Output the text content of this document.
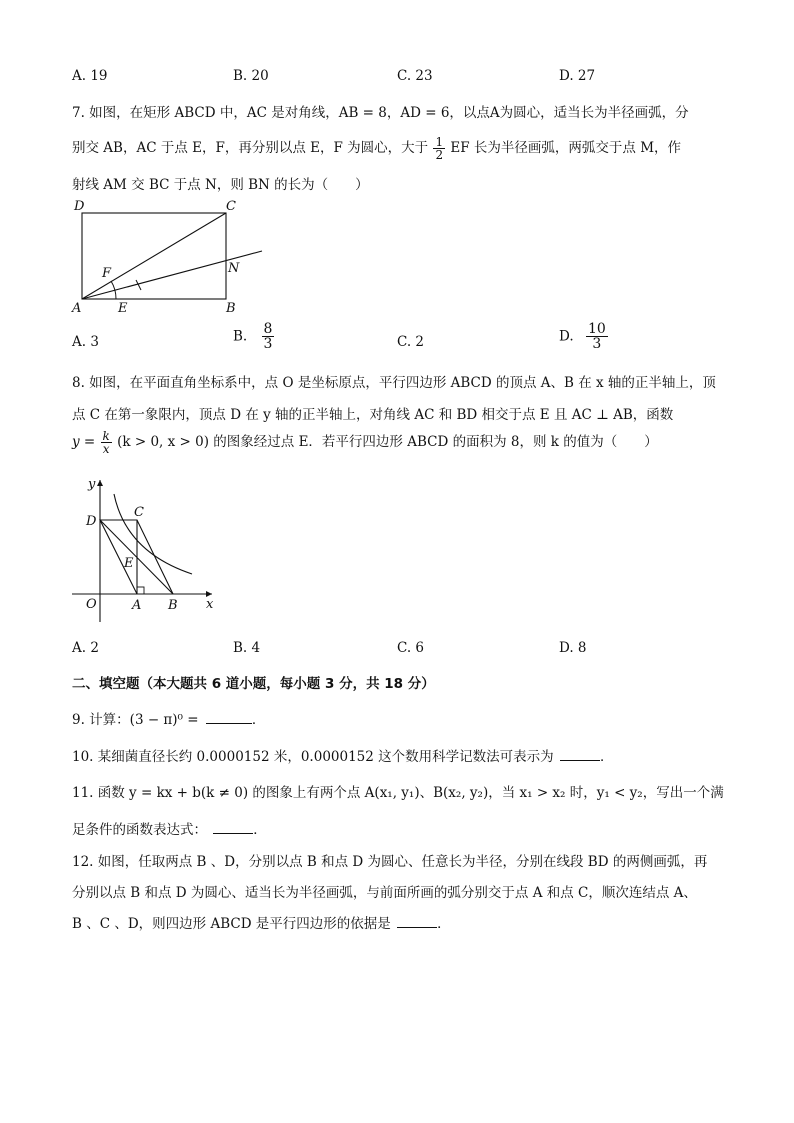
A. 19	B. 20	C. 23	D. 27
7. 如图，在矩形 ABCD 中，AC 是对角线，AB = 8，AD = 6，以点A为圆心，适当长为半径画弧，分
别交 AB，AC 于点 E，F，再分别以点 E，F 为圆心，大于 $\frac{1}{2}$ EF 长为半径画弧，两弧交于点 M，作
射线 AM 交 BC 于点 N，则 BN 的长为（　　）
D	C
A	B
E
F	N
A. 3	B. $\frac{8}{3}$	C. 2	D. $\frac{10}{3}$
8. 如图，在平面直角坐标系中，点 O 是坐标原点，平行四边形 ABCD 的顶点 A、B 在 x 轴的正半轴上，顶
点 C 在第一象限内，顶点 D 在 y 轴的正半轴上，对角线 AC 和 BD 相交于点 E 且 AC ⊥ AB，函数
$y = \frac{k}{x} (k > 0$, x > 0) 的图象经过点 E．若平行四边形 ABCD 的面积为 8，则 k 的值为（　　）
y
x
O	A B
C
D
E
A. 2	B. 4	C. 6	D. 8
二、填空题（本大题共 6 道小题，每小题 3 分，共 18 分）
9. 计算：(3 − π)⁰ =	．
10. 某细菌直径长约 0.0000152 米，0.0000152 这个数用科学记数法可表示为	．
11. 函数 y = kx + b(k ≠ 0) 的图象上有两个点 A(x₁, y₁)、B(x₂, y₂)，当 x₁ > x₂ 时，y₁ < y₂，写出一个满
足条件的函数表达式：	．
12. 如图，任取两点 B 、D，分别以点 B 和点 D 为圆心、任意长为半径，分别在线段 BD 的两侧画弧，再
分别以点 B 和点 D 为圆心、适当长为半径画弧，与前面所画的弧分别交于点 A 和点 C，顺次连结点 A、
B 、C 、D，则四边形 ABCD 是平行四边形的依据是	．
